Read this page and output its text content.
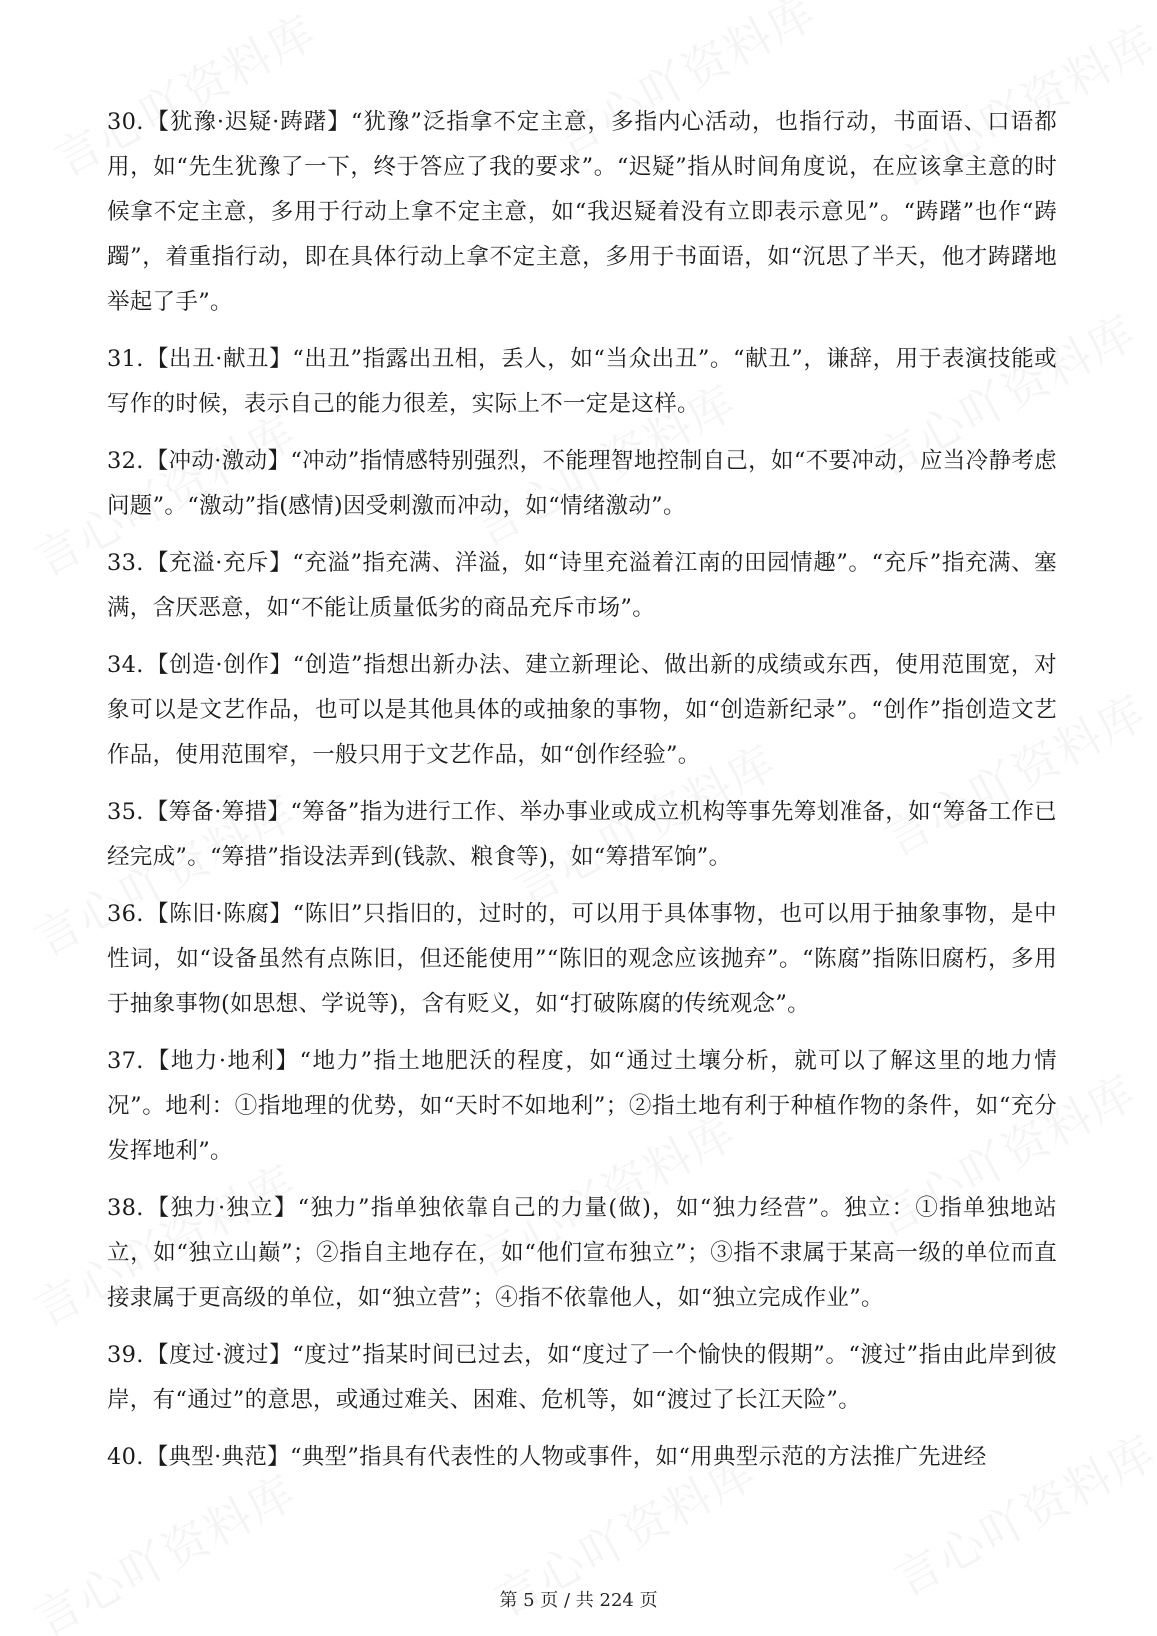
30.【犹豫·迟疑·踌躇】“犹豫”泛指拿不定主意，多指内心活动，也指行动，书面语、口语都用，如“先生犹豫了一下，终于答应了我的要求”。“迟疑”指从时间角度说，在应该拿主意的时候拿不定主意，多用于行动上拿不定主意，如“我迟疑着没有立即表示意见”。“踌躇”也作“踌躅”，着重指行动，即在具体行动上拿不定主意，多用于书面语，如“沉思了半天，他才踌躇地举起了手”。

31.【出丑·献丑】“出丑”指露出丑相，丢人，如“当众出丑”。“献丑”，谦辞，用于表演技能或写作的时候，表示自己的能力很差，实际上不一定是这样。

32.【冲动·激动】“冲动”指情感特别强烈，不能理智地控制自己，如“不要冲动，应当冷静考虑问题”。“激动”指(感情)因受刺激而冲动，如“情绪激动”。

33.【充溢·充斥】“充溢”指充满、洋溢，如“诗里充溢着江南的田园情趣”。“充斥”指充满、塞满，含厌恶意，如“不能让质量低劣的商品充斥市场”。

34.【创造·创作】“创造”指想出新办法、建立新理论、做出新的成绩或东西，使用范围宽，对象可以是文艺作品，也可以是其他具体的或抽象的事物，如“创造新纪录”。“创作”指创造文艺作品，使用范围窄，一般只用于文艺作品，如“创作经验”。

35.【筹备·筹措】“筹备”指为进行工作、举办事业或成立机构等事先筹划准备，如“筹备工作已经完成”。“筹措”指设法弄到(钱款、粮食等)，如“筹措军饷”。

36.【陈旧·陈腐】“陈旧”只指旧的，过时的，可以用于具体事物，也可以用于抽象事物，是中性词，如“设备虽然有点陈旧，但还能使用”“陈旧的观念应该抛弃”。“陈腐”指陈旧腐朽，多用于抽象事物(如思想、学说等)，含有贬义，如“打破陈腐的传统观念”。

37.【地力·地利】“地力”指土地肥沃的程度，如“通过土壤分析，就可以了解这里的地力情况”。地利：①指地理的优势，如“天时不如地利”；②指土地有利于种植作物的条件，如“充分发挥地利”。

38.【独力·独立】“独力”指单独依靠自己的力量(做)，如“独力经营”。独立：①指单独地站立，如“独立山巅”；②指自主地存在，如“他们宣布独立”；③指不隶属于某高一级的单位而直接隶属于更高级的单位，如“独立营”；④指不依靠他人，如“独立完成作业”。

39.【度过·渡过】“度过”指某时间已过去，如“度过了一个愉快的假期”。“渡过”指由此岸到彼岸，有“通过”的意思，或通过难关、困难、危机等，如“渡过了长江天险”。

40.【典型·典范】“典型”指具有代表性的人物或事件，如“用典型示范的方法推广先进经

第 5 页 / 共 224 页
